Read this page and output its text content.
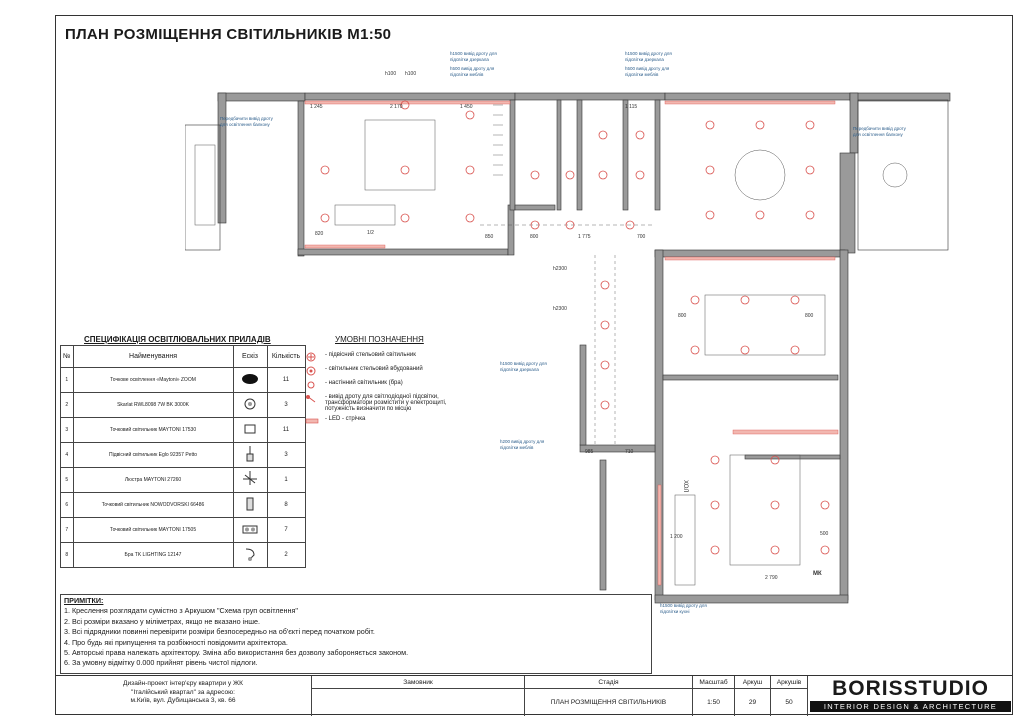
ПЛАН РОЗМІЩЕННЯ СВІТИЛЬНИКІВ М1:50
h1500 вивід дроту для
підсвітки дзеркала
h500 вивід дроту для
підсвітки меблів
h1500 вивід дроту для
підсвітки дзеркала
h500 вивід дроту для
підсвітки меблів
Передбачити вивід дроту
для освітлення балкону
Передбачити вивід дроту
для освітлення балкону
h1500 вивід дроту для
підсвітки дзеркала
h200 вивід дроту для
підсвітки меблів
h1500 вивід дроту для
підсвітки кухні
1 245	2 170	1 450	1 115
820	850	800	1 775	700
800	800
1 200
2 790
500
985	710
h2300
h2300
h100 h100
1/2
ХОЛ
МК
СПЕЦИФІКАЦІЯ ОСВІТЛЮВАЛЬНИХ ПРИЛАДІВ
№	Найменування	Ескіз	Кількість
1	Точкове освітлення «Maytoni» ZOOM		11
2	Skarlat RWL8098 7W BK 3000K		3
3	Точковий світильник MAYTONI 17530		11
4	Підвісний світильник Eglo 92357 Petto		3
5	Люстра MAYTONI 27260		1
6	Точковий світильник NOWODVORSKI 66486		8
7	Точковий світильник MAYTONI 17505		7
8	Бра TK LIGHTING 12147		2
УМОВНІ ПОЗНАЧЕННЯ
- підвісний стельовий світильник
- світильник стельовий вбудований
- настінний світильник (бра)
- вивід дроту для світлодіодної підсвітки, трансформатори розмістити у електрощиті, потужність визначити по місцю
- LED - стрічка
ПРИМІТКИ:
1. Креслення розглядати сумістно з Аркушом "Схема груп освітлення"
2. Всі розміри вказано у міліметрах, якщо не вказано інше.
3. Всі підрядники повинні перевірити розміри безпосередньо на об'єкті перед початком робіт.
4. Про будь які припущення та розбіжності повідомити архітектора.
5. Авторські права належать архітектору. Зміна або використання без дозволу забороняється законом.
6. За умовну відмітку 0.000 прийнят рівень чистої підлоги.
Дизайн-проект інтер'єру квартири у ЖК
"Італійський квартал" за адресою:
м.Київ, вул. Дубищанська 3, кв. 66
Замовник	Стадія
ПЛАН РОЗМІЩЕННЯ СВІТИЛЬНИКІВ
Масштаб
1:50
Аркуш
29
Аркушів
50
BORISSTUDIO
INTERIOR DESIGN & ARCHITECTURE
